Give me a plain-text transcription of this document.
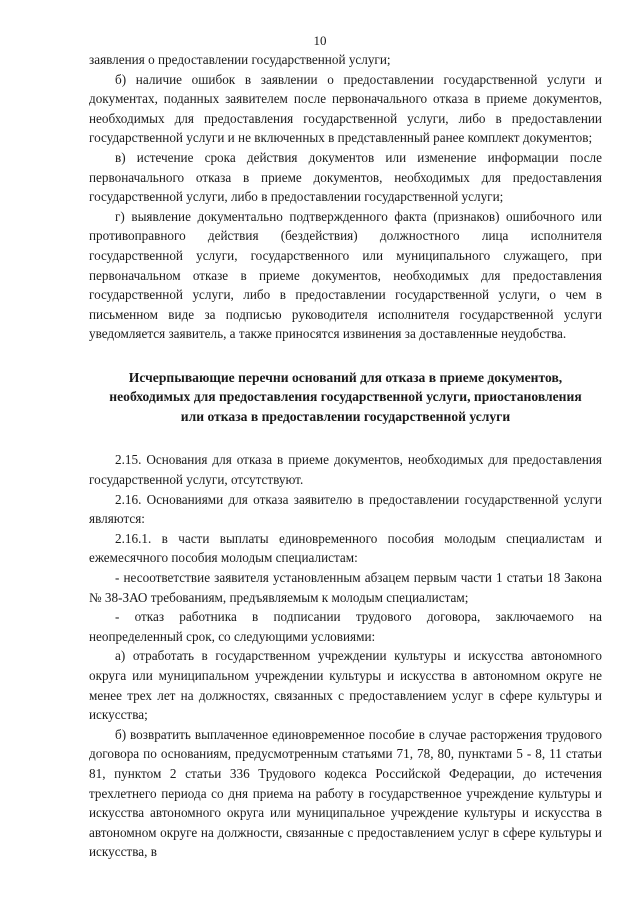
10

заявления о предоставлении государственной услуги;

б) наличие ошибок в заявлении о предоставлении государственной услуги и документах, поданных заявителем после первоначального отказа в приеме документов, необходимых для предоставления государственной услуги, либо в предоставлении государственной услуги и не включенных в представленный ранее комплект документов;

в) истечение срока действия документов или изменение информации после первоначального отказа в приеме документов, необходимых для предоставления государственной услуги, либо в предоставлении государственной услуги;

г) выявление документально подтвержденного факта (признаков) ошибочного или противоправного действия (бездействия) должностного лица исполнителя государственной услуги, государственного или муниципального служащего, при первоначальном отказе в приеме документов, необходимых для предоставления государственной услуги, либо в предоставлении государственной услуги, о чем в письменном виде за подписью руководителя исполнителя государственной услуги уведомляется заявитель, а также приносятся извинения за доставленные неудобства.

Исчерпывающие перечни оснований для отказа в приеме документов, необходимых для предоставления государственной услуги, приостановления или отказа в предоставлении государственной услуги

2.15. Основания для отказа в приеме документов, необходимых для предоставления государственной услуги, отсутствуют.

2.16. Основаниями для отказа заявителю в предоставлении государственной услуги являются:

2.16.1. в части выплаты единовременного пособия молодым специалистам и ежемесячного пособия молодым специалистам:

- несоответствие заявителя установленным абзацем первым части 1 статьи 18 Закона № 38-ЗАО требованиям, предъявляемым к молодым специалистам;

- отказ работника в подписании трудового договора, заключаемого на неопределенный срок, со следующими условиями:

а) отработать в государственном учреждении культуры и искусства автономного округа или муниципальном учреждении культуры и искусства в автономном округе не менее трех лет на должностях, связанных с предоставлением услуг в сфере культуры и искусства;

б) возвратить выплаченное единовременное пособие в случае расторжения трудового договора по основаниям, предусмотренным статьями 71, 78, 80, пунктами 5 - 8, 11 статьи 81, пунктом 2 статьи 336 Трудового кодекса Российской Федерации, до истечения трехлетнего периода со дня приема на работу в государственное учреждение культуры и искусства автономного округа или муниципальное учреждение культуры и искусства в автономном округе на должности, связанные с предоставлением услуг в сфере культуры и искусства, в
